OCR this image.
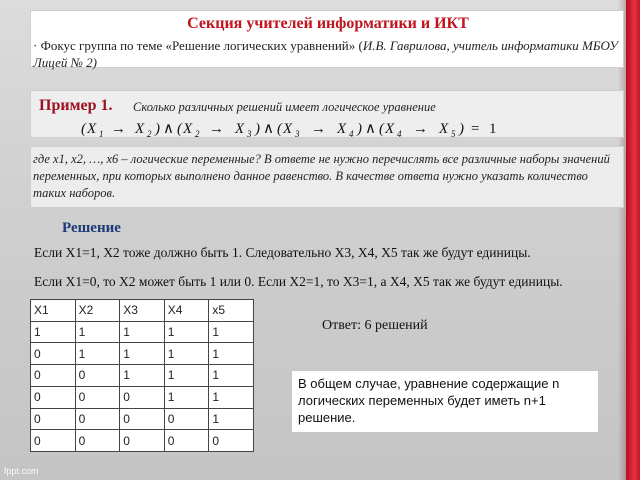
Секция учителей информатики и ИКТ
· Фокус группа по теме «Решение логических уравнений» (И.В. Гаврилова, учитель информатики МБОУ Лицей № 2)
Пример 1. Сколько различных решений имеет логическое уравнение
( X 1 → X 2 ) ∧ ( X 2 → X 3 ) ∧ ( X 3 → X 4 ) ∧ ( X 4 → X 5 ) = 1
где x1, x2, …, x6 – логические переменные? В ответе не нужно перечислять все различные наборы значений переменных, при которых выполнено данное равенство. В качестве ответа нужно указать количество таких наборов.
Решение
Если X1=1, X2 тоже должно быть 1. Следовательно X3, X4, X5 так же будут единицы.
Если X1=0, то X2 может быть 1 или 0. Если X2=1, то X3=1, а X4, X5 так же будут единицы.
X1	X2	X3	X4	x5
1	1	1	1	1
0	1	1	1	1
0	0	1	1	1
0	0	0	1	1
0	0	0	0	1
0	0	0	0	0
Ответ: 6 решений
В общем случае, уравнение содержащие n логических переменных будет иметь n+1 решение.
fppt.com
